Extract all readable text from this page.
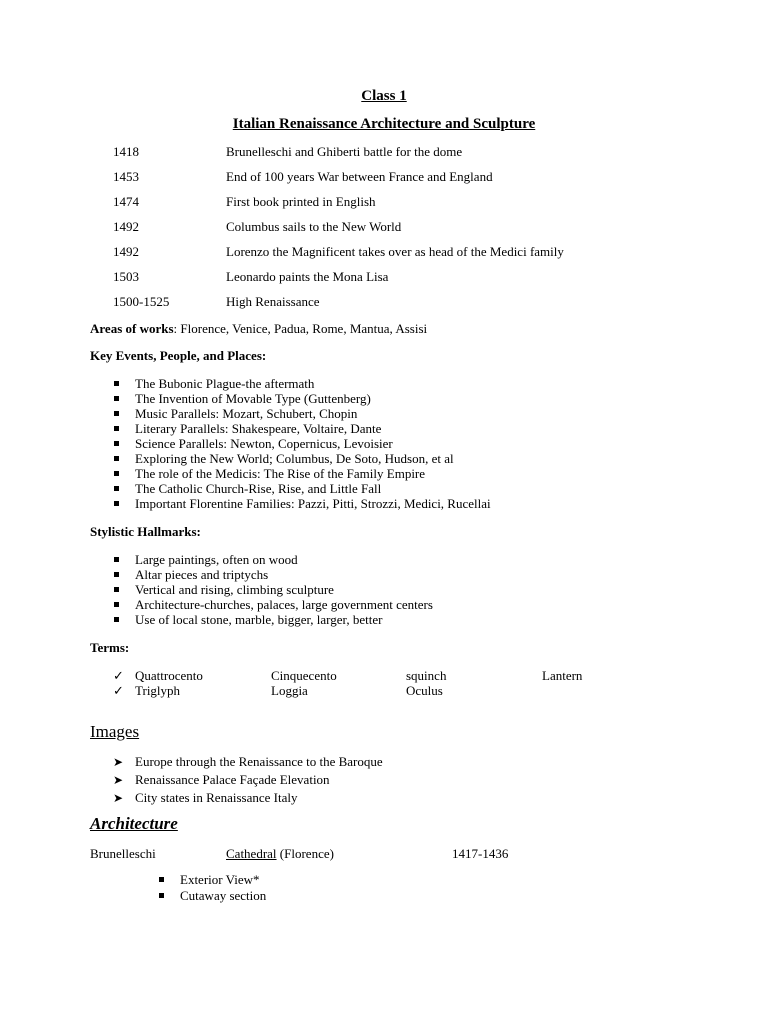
Class 1
Italian Renaissance Architecture and Sculpture
1418	Brunelleschi and Ghiberti battle for the dome
1453	End of 100 years War between France and England
1474	First book printed in English
1492	Columbus sails to the New World
1492	Lorenzo the Magnificent takes over as head of the Medici family
1503	Leonardo paints the Mona Lisa
1500-1525	High Renaissance
Areas of works: Florence, Venice, Padua, Rome, Mantua, Assisi
Key Events, People, and Places:
The Bubonic Plague-the aftermath
The Invention of Movable Type (Guttenberg)
Music Parallels: Mozart, Schubert, Chopin
Literary Parallels: Shakespeare, Voltaire, Dante
Science Parallels: Newton, Copernicus, Levoisier
Exploring the New World; Columbus, De Soto, Hudson, et al
The role of the Medicis: The Rise of the Family Empire
The Catholic Church-Rise, Rise, and Little Fall
Important Florentine Families: Pazzi, Pitti, Strozzi, Medici, Rucellai
Stylistic Hallmarks:
Large paintings, often on wood
Altar pieces and triptychs
Vertical and rising, climbing sculpture
Architecture-churches, palaces, large government centers
Use of local stone, marble, bigger, larger, better
Terms:
✓ Quattrocento	Cinquecento	squinch	Lantern
✓ Triglyph	Loggia	Oculus
Images
➤ Europe through the Renaissance to the Baroque
➤ Renaissance Palace Façade Elevation
➤ City states in Renaissance Italy
Architecture
Brunelleschi	Cathedral (Florence)	1417-1436
Exterior View*
Cutaway section
